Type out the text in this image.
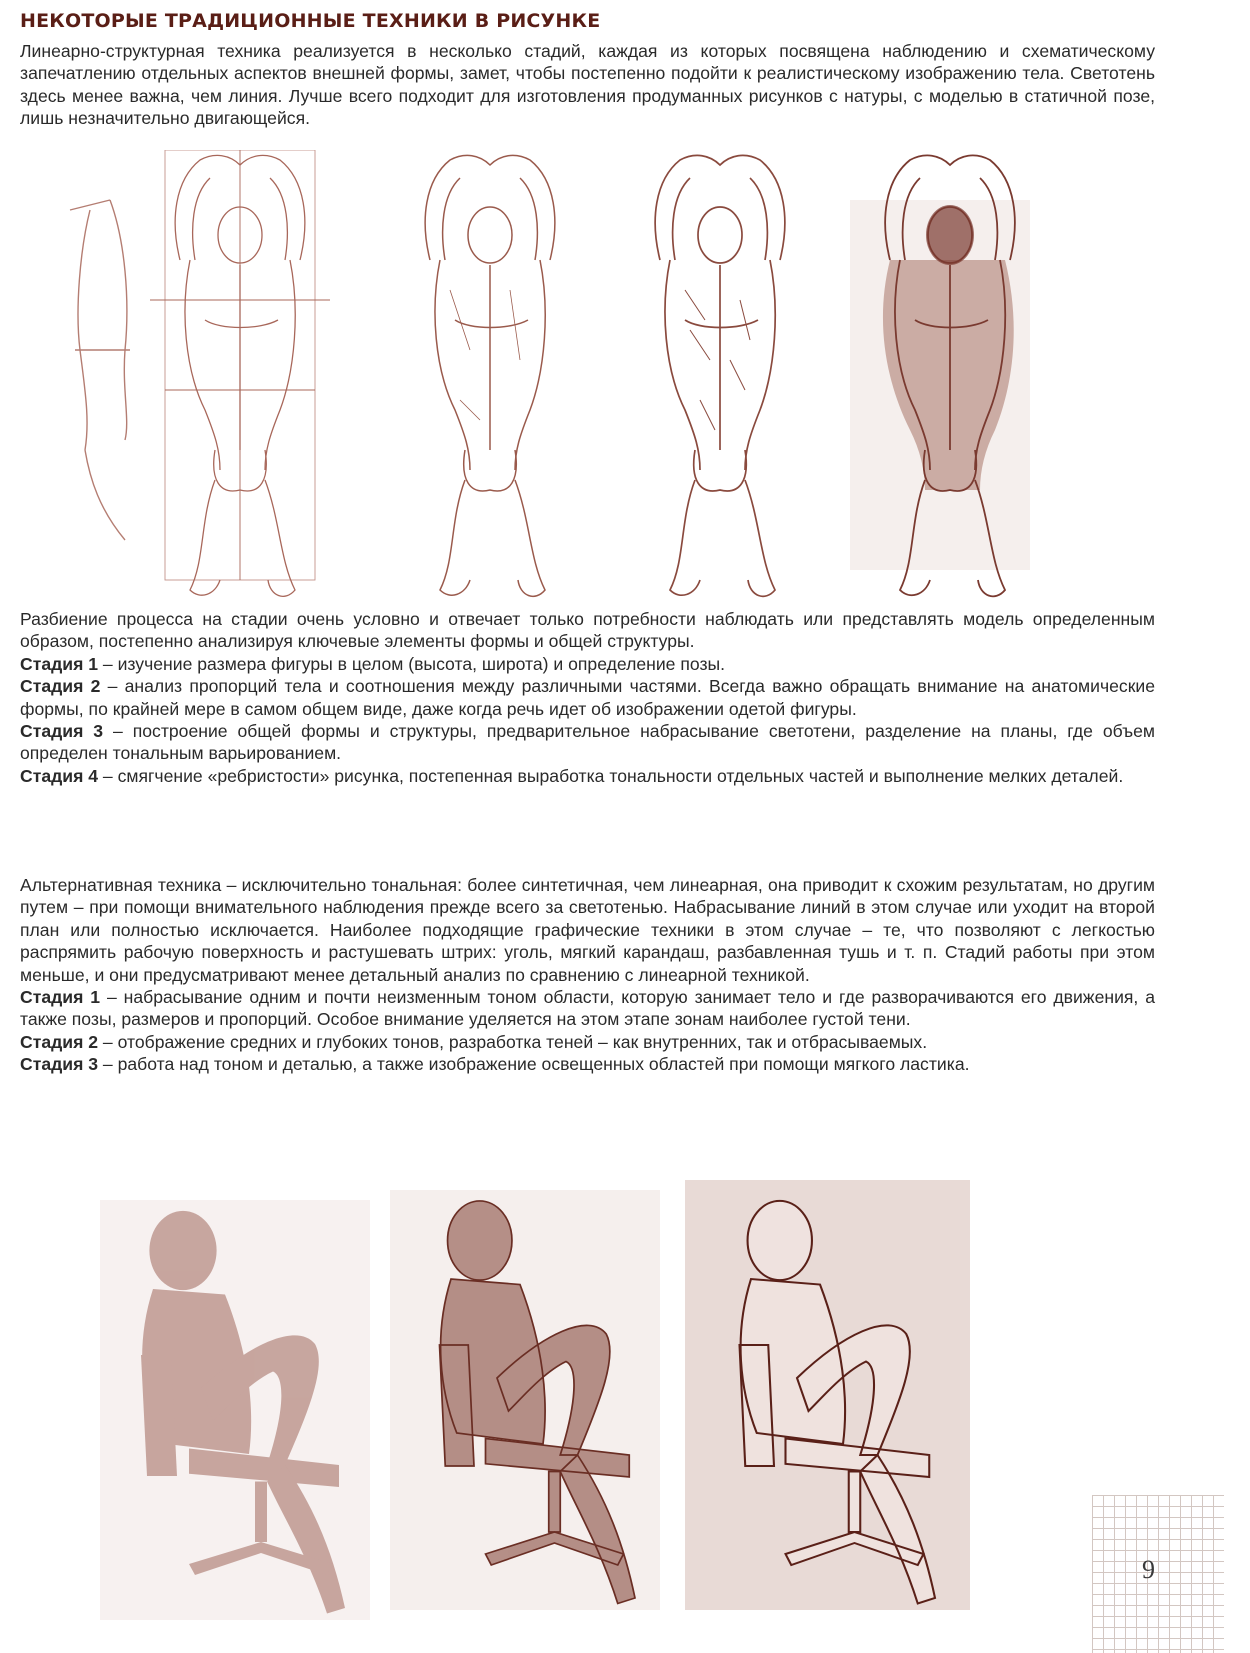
НЕКОТОРЫЕ ТРАДИЦИОННЫЕ ТЕХНИКИ В РИСУНКЕ

Линеарно-структурная техника реализуется в несколько стадий, каждая из которых посвящена наблюдению и схематическому запечатлению отдельных аспектов внешней формы, замет, чтобы постепенно подойти к реалистическому изображению тела. Светотень здесь менее важна, чем линия. Лучше всего подходит для изготовления продуманных рисунков с натуры, с моделью в статичной позе, лишь незначительно двигающейся.

Разбиение процесса на стадии очень условно и отвечает только потребности наблюдать или представлять модель определенным образом, постепенно анализируя ключевые элементы формы и общей структуры.

Стадия 1 – изучение размера фигуры в целом (высота, широта) и определение позы.

Стадия 2 – анализ пропорций тела и соотношения между различными частями. Всегда важно обращать внимание на анатомические формы, по крайней мере в самом общем виде, даже когда речь идет об изображении одетой фигуры.

Стадия 3 – построение общей формы и структуры, предварительное набрасывание светотени, разделение на планы, где объем определен тональным варьированием.

Стадия 4 – смягчение «ребристости» рисунка, постепенная выработка тональности отдельных частей и выполнение мелких деталей.

Альтернативная техника – исключительно тональная: более синтетичная, чем линеарная, она приводит к схожим результатам, но другим путем – при помощи внимательного наблюдения прежде всего за светотенью. Набрасывание линий в этом случае или уходит на второй план или полностью исключается. Наиболее подходящие графические техники в этом случае – те, что позволяют с легкостью распрямить рабочую поверхность и растушевать штрих: уголь, мягкий карандаш, разбавленная тушь и т. п. Стадий работы при этом меньше, и они предусматривают менее детальный анализ по сравнению с линеарной техникой.

Стадия 1 – набрасывание одним и почти неизменным тоном области, которую занимает тело и где разворачиваются его движения, а также позы, размеров и пропорций. Особое внимание уделяется на этом этапе зонам наиболее густой тени.

Стадия 2 – отображение средних и глубоких тонов, разработка теней – как внутренних, так и отбрасываемых.

Стадия 3 – работа над тоном и деталью, а также изображение освещенных областей при помощи мягкого ластика.

9
